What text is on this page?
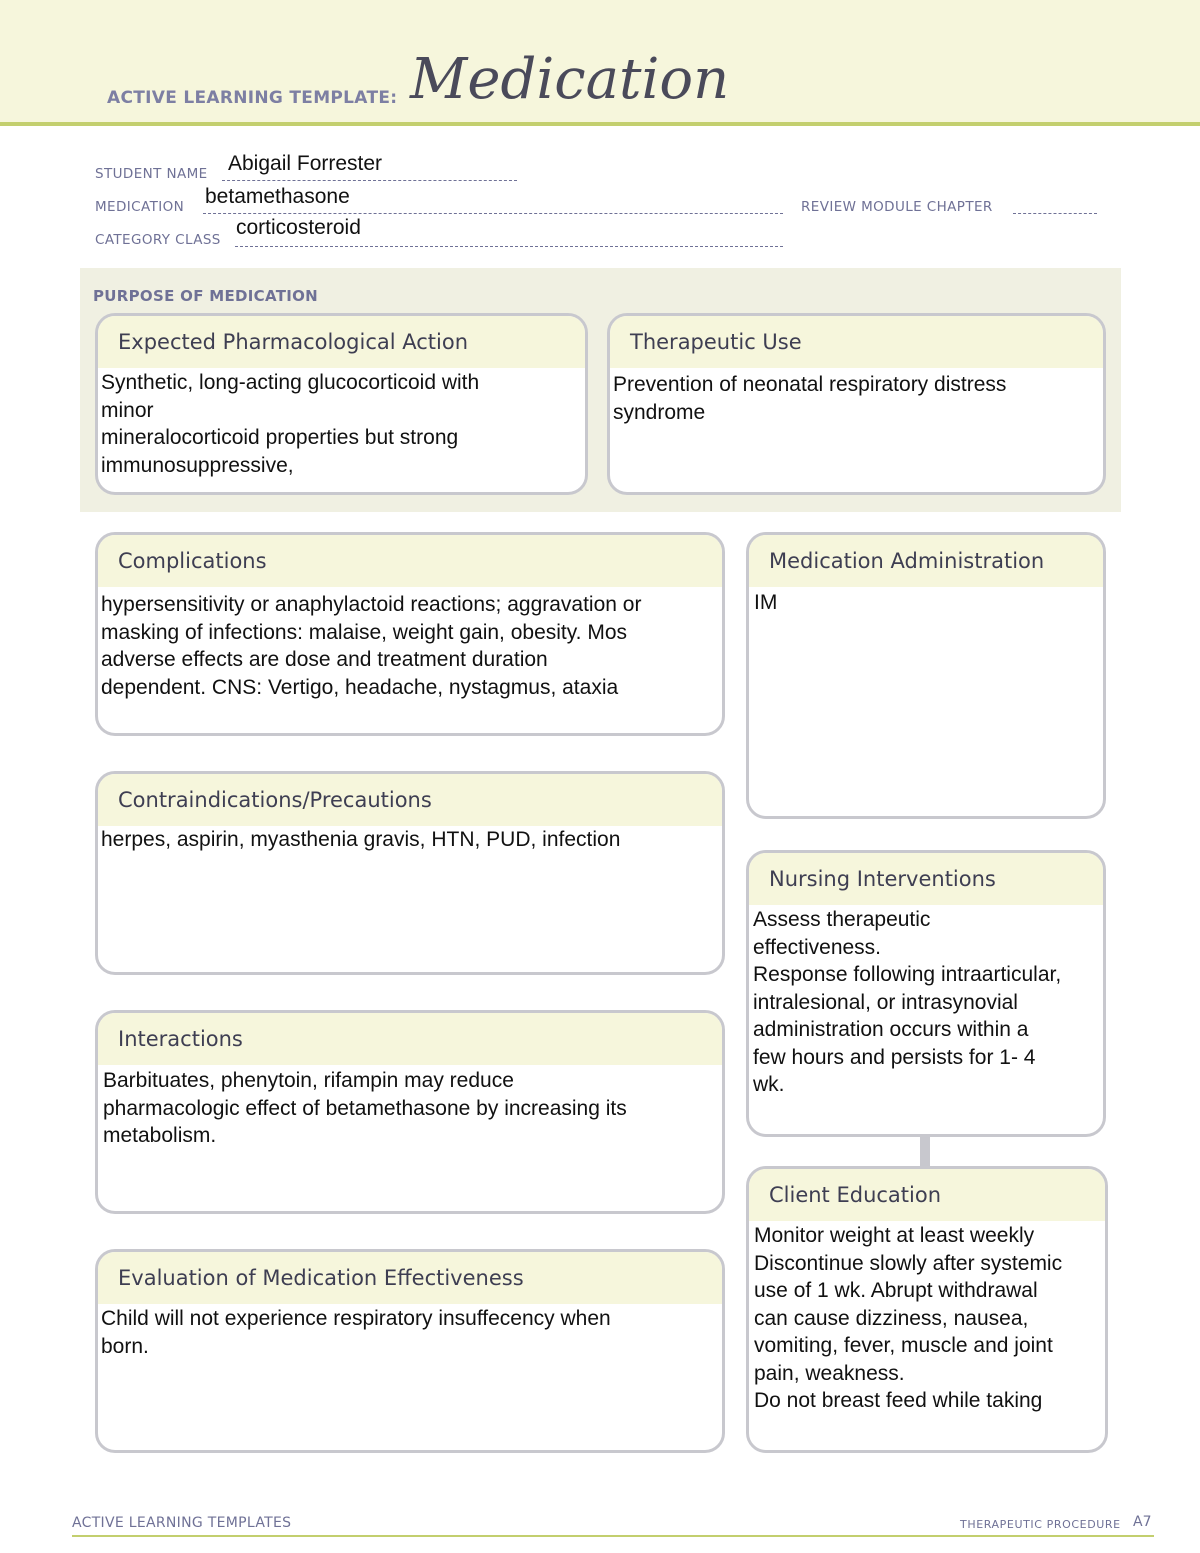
ACTIVE LEARNING TEMPLATE: Medication
STUDENT NAME Abigail Forrester
MEDICATION betamethasone	REVIEW MODULE CHAPTER
CATEGORY CLASS
corticosteroid
PURPOSE OF MEDICATION
Expected Pharmacological Action
Synthetic, long-acting glucocorticoid with
minor
mineralocorticoid properties but strong
immunosuppressive,
Therapeutic Use
Prevention of neonatal respiratory distress
syndrome
Complications
hypersensitivity or anaphylactoid reactions; aggravation or
masking of infections: malaise, weight gain, obesity. Mos
adverse effects are dose and treatment duration
dependent. CNS: Vertigo, headache, nystagmus, ataxia
Contraindications/Precautions
herpes, aspirin, myasthenia gravis, HTN, PUD, infection
Interactions
Barbituates, phenytoin, rifampin may reduce
pharmacologic effect of betamethasone by increasing its
metabolism.
Evaluation of Medication Effectiveness
Child will not experience respiratory insuffecency when
born.
Medication Administration
IM
Nursing Interventions
Assess therapeutic
effectiveness.
Response following intraarticular,
intralesional, or intrasynovial
administration occurs within a
few hours and persists for 1- 4
wk.
Client Education
Monitor weight at least weekly
Discontinue slowly after systemic
use of 1 wk. Abrupt withdrawal
can cause dizziness, nausea,
vomiting, fever, muscle and joint
pain, weakness.
Do not breast feed while taking
ACTIVE LEARNING TEMPLATES	THERAPEUTIC PROCEDURE A7
